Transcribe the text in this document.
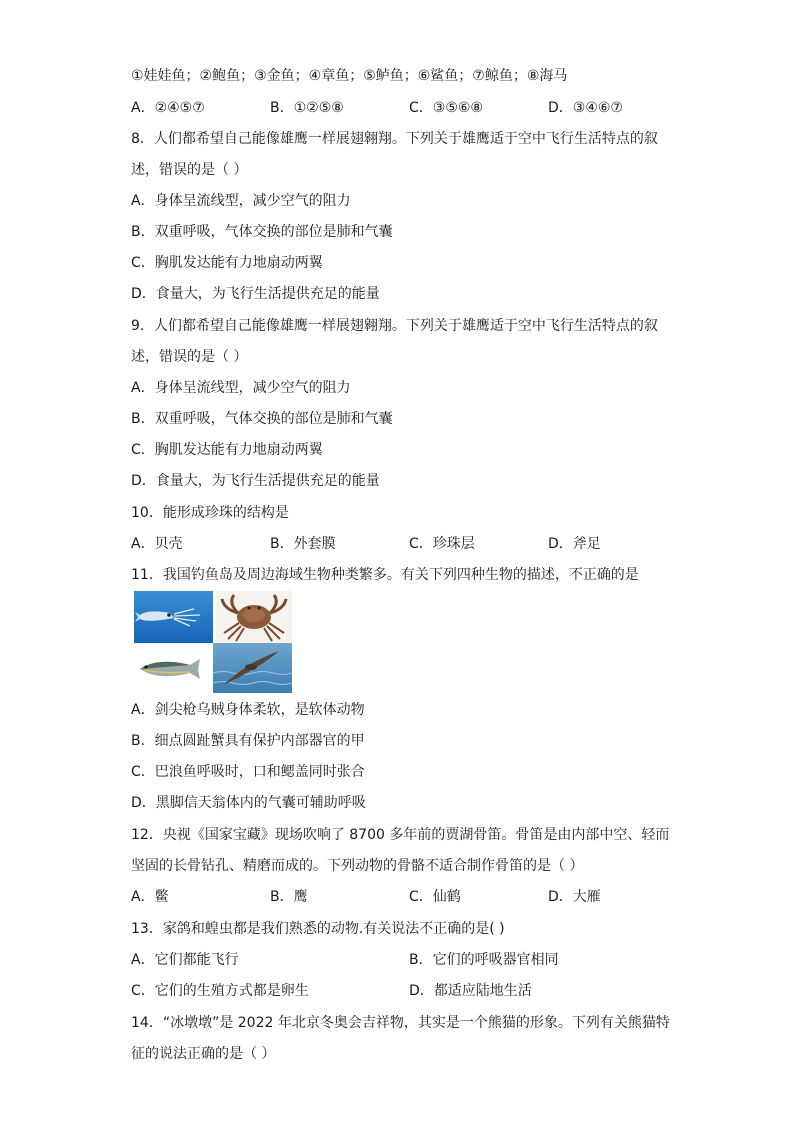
①娃娃鱼；②鲍鱼；③金鱼；④章鱼；⑤鲈鱼；⑥鲨鱼；⑦鲸鱼；⑧海马
A．②④⑤⑦	B．①②⑤⑧	C．③⑤⑥⑧	D．③④⑥⑦
8．人们都希望自己能像雄鹰一样展翅翱翔。下列关于雄鹰适于空中飞行生活特点的叙
述，错误的是（ ）
A．身体呈流线型，减少空气的阻力
B．双重呼吸，气体交换的部位是肺和气囊
C．胸肌发达能有力地扇动两翼
D．食量大，为飞行生活提供充足的能量
9．人们都希望自己能像雄鹰一样展翅翱翔。下列关于雄鹰适于空中飞行生活特点的叙
述，错误的是（ ）
A．身体呈流线型，减少空气的阻力
B．双重呼吸，气体交换的部位是肺和气囊
C．胸肌发达能有力地扇动两翼
D．食量大，为飞行生活提供充足的能量
10．能形成珍珠的结构是
A．贝壳	B．外套膜	C．珍珠层	D．斧足
11．我国钓鱼岛及周边海域生物种类繁多。有关下列四种生物的描述，不正确的是
A．剑尖枪乌贼身体柔软，是软体动物
B．细点圆趾蟹具有保护内部器官的甲
C．巴浪鱼呼吸时，口和鳃盖同时张合
D．黑脚信天翁体内的气囊可辅助呼吸
12．央视《国家宝藏》现场吹响了 8700 多年前的贾湖骨笛。骨笛是由内部中空、轻而
坚固的长骨钻孔、精磨而成的。下列动物的骨骼不适合制作骨笛的是（ ）
A．鳖	B．鹰	C．仙鹤	D．大雁
13．家鸽和蝗虫都是我们熟悉的动物.有关说法不正确的是( )
A．它们都能飞行	B．它们的呼吸器官相同
C．它们的生殖方式都是卵生	D．都适应陆地生活
14．“冰墩墩”是 2022 年北京冬奥会吉祥物，其实是一个熊猫的形象。下列有关熊猫特
征的说法正确的是（ ）
